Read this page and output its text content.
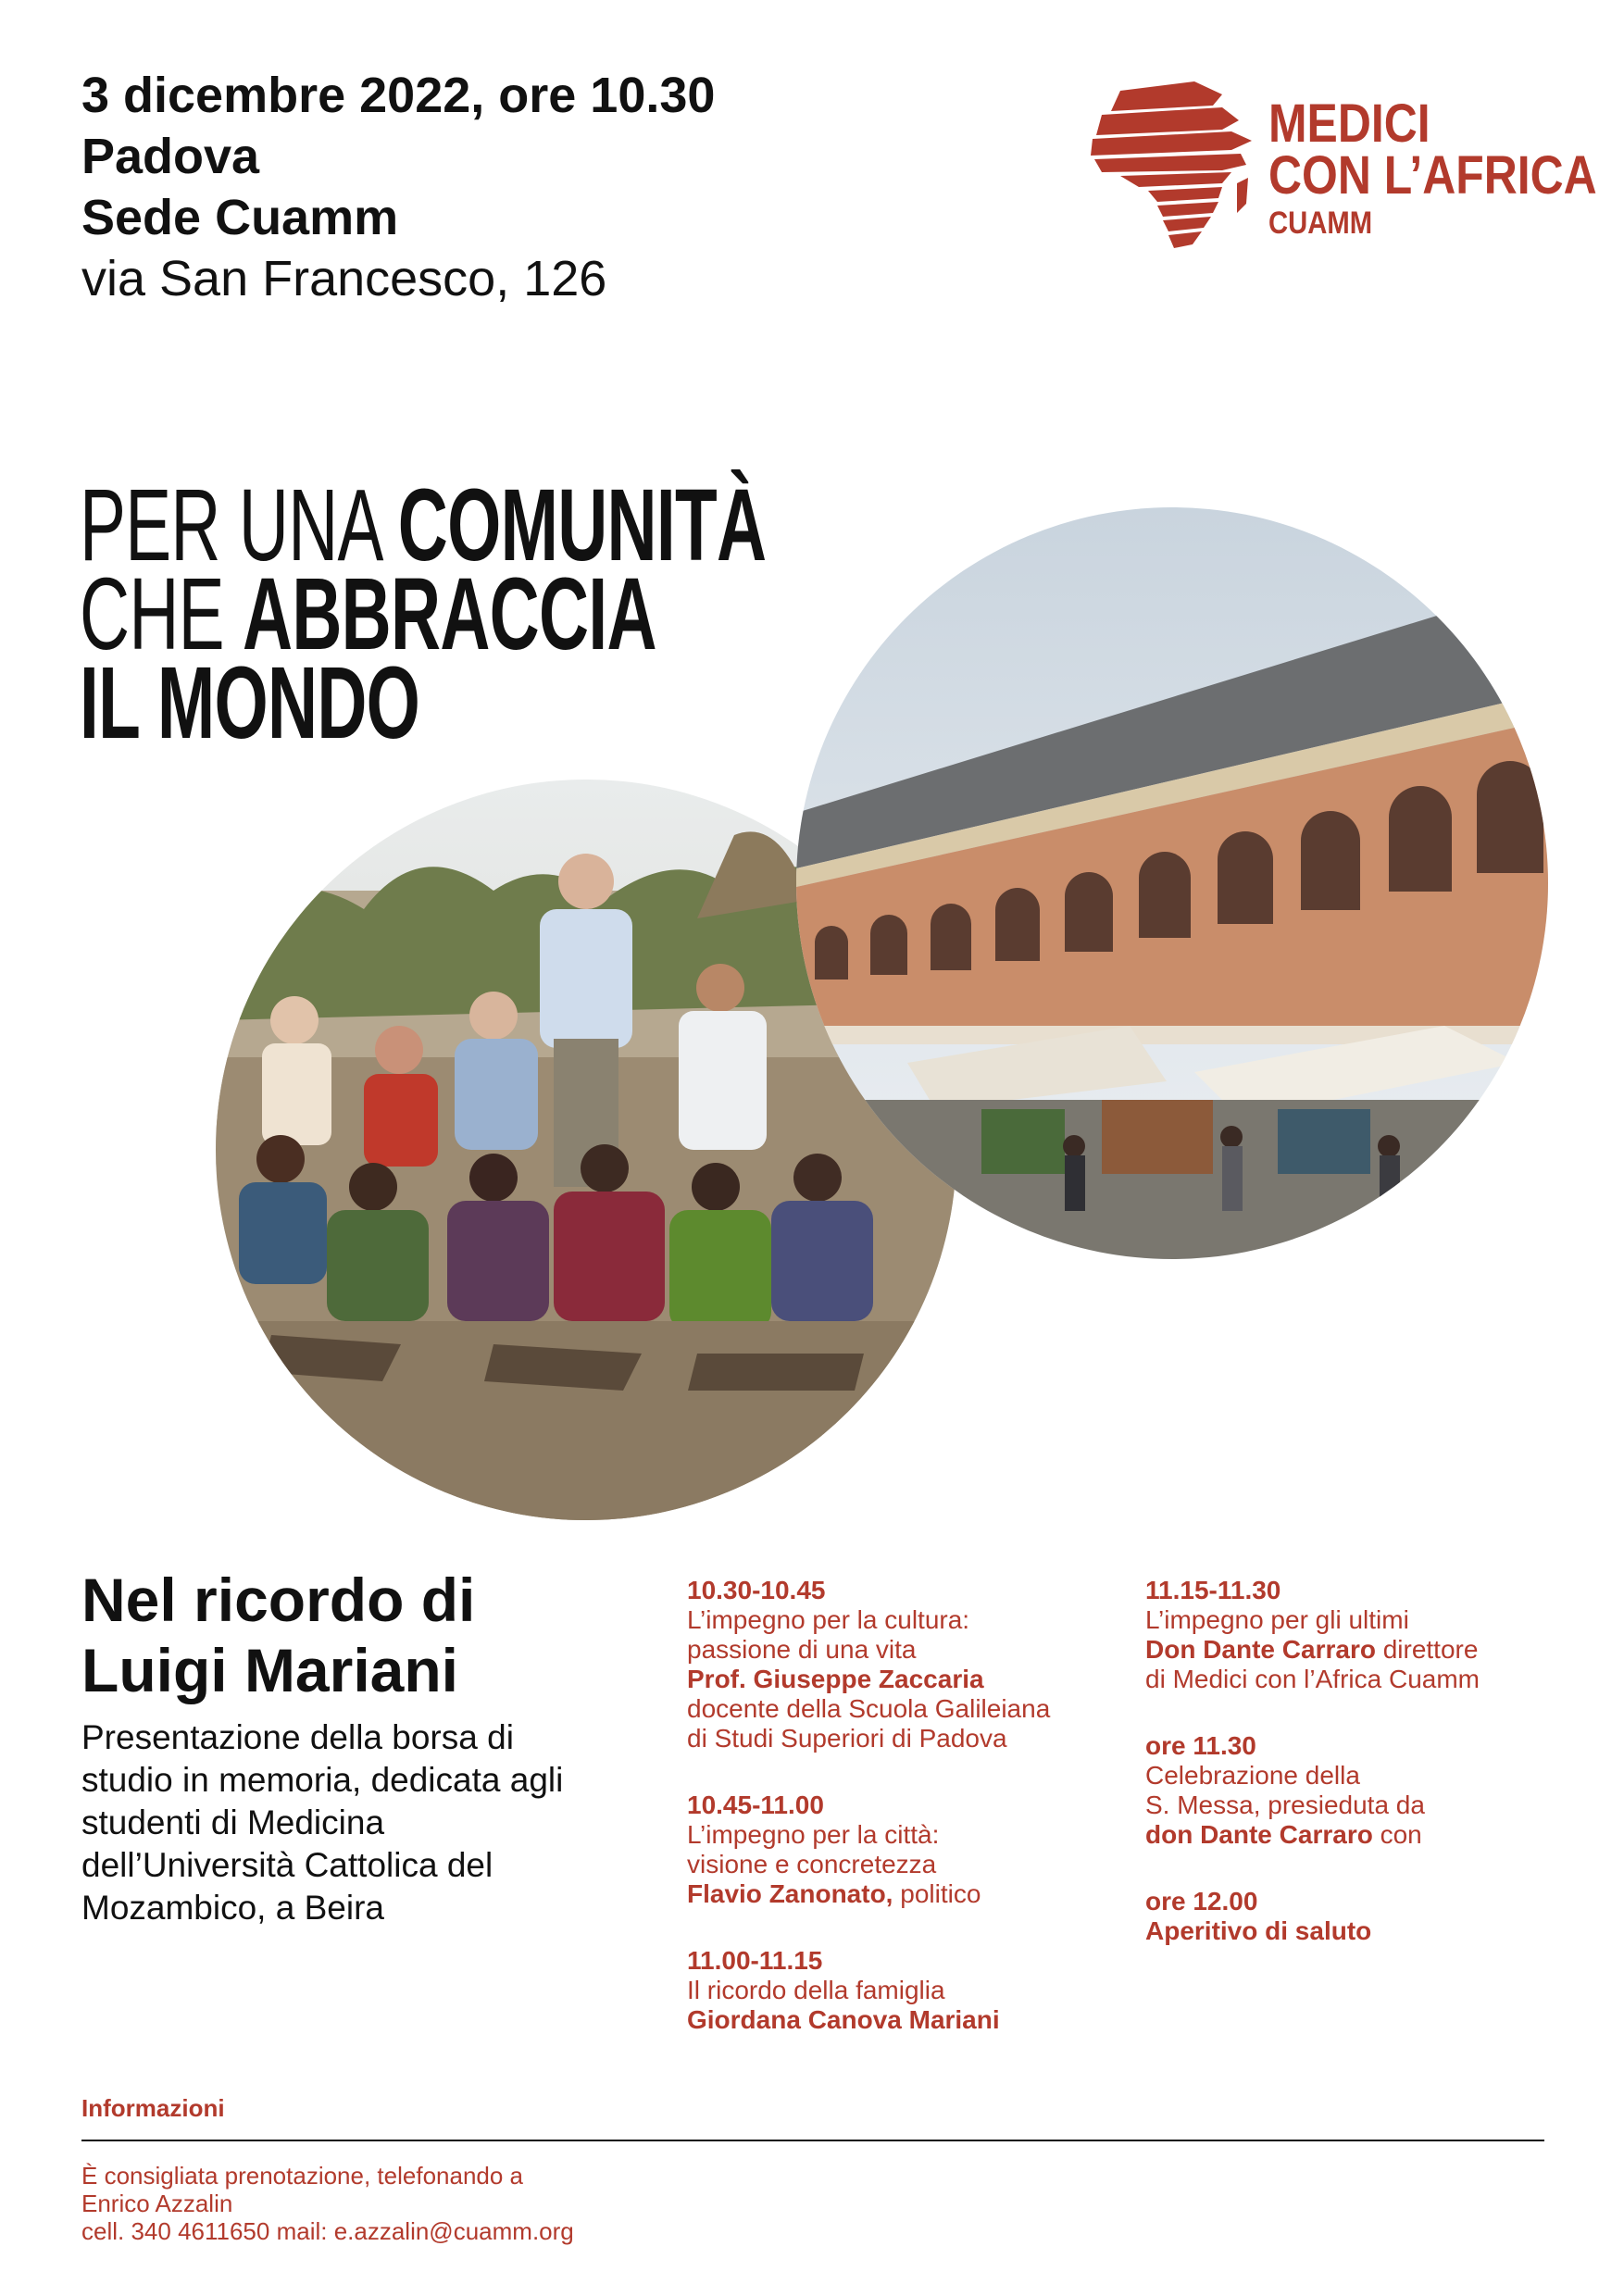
3 dicembre 2022, ore 10.30
Padova
Sede Cuamm
via San Francesco, 126
MEDICI
CON L’AFRICA
CUAMM
PER UNA COMUNITÀ
CHE ABBRACCIA
IL MONDO
Nel ricordo di
Luigi Mariani
Presentazione della borsa di studio in memoria, dedicata agli studenti di Medicina dell’Università Cattolica del Mozambico, a Beira
10.30-10.45
L’impegno per la cultura:
passione di una vita
Prof. Giuseppe Zaccaria
docente della Scuola Galileiana
di Studi Superiori di Padova
10.45-11.00
L’impegno per la città:
visione e concretezza
Flavio Zanonato, politico
11.00-11.15
Il ricordo della famiglia
Giordana Canova Mariani
11.15-11.30
L’impegno per gli ultimi
Don Dante Carraro direttore
di Medici con l’Africa Cuamm
ore 11.30
Celebrazione della
S. Messa, presieduta da
don Dante Carraro con
ore 12.00
Aperitivo di saluto
Informazioni
È consigliata prenotazione, telefonando a
Enrico Azzalin
cell. 340 4611650 mail: e.azzalin@cuamm.org
